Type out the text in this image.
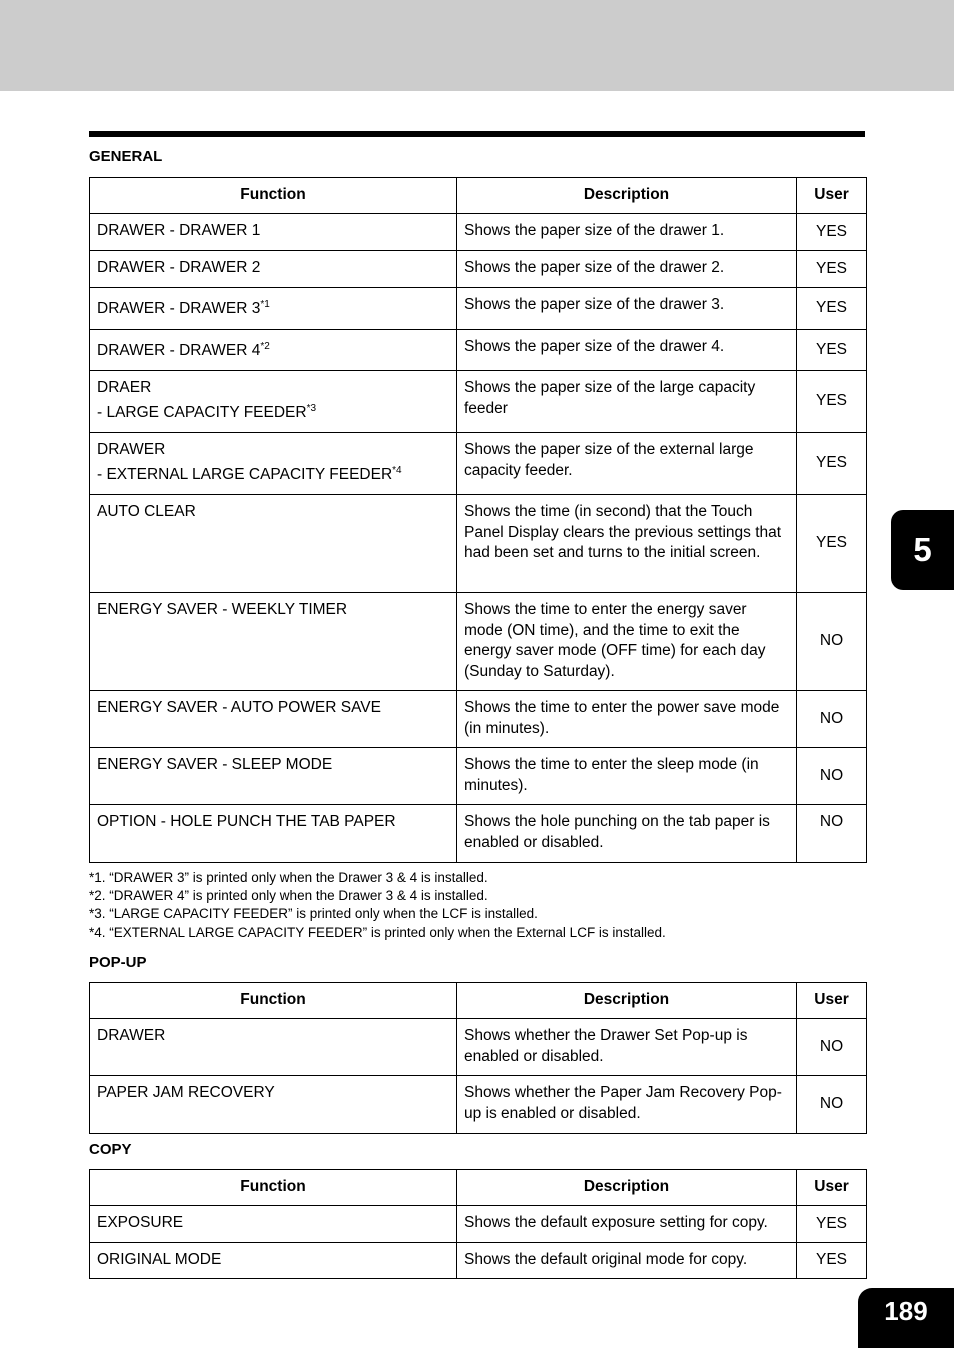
GENERAL
Function	Description	User
DRAWER - DRAWER 1	Shows the paper size of the drawer 1.	YES
DRAWER - DRAWER 2	Shows the paper size of the drawer 2.	YES
DRAWER - DRAWER 3$^{*1}$	Shows the paper size of the drawer 3.	YES
DRAWER - DRAWER 4$^{*2}$	Shows the paper size of the drawer 4.	YES

DRAER
- LARGE CAPACITY FEEDER$^{*3}$	Shows the paper size of the large capacity feeder	YES

DRAWER
- EXTERNAL LARGE CAPACITY FEEDER$^{*4}$	Shows the paper size of the external large capacity feeder.	YES
AUTO CLEAR	Shows the time (in second) that the Touch Panel Display clears the previous settings that had been set and turns to the initial screen.	YES
ENERGY SAVER - WEEKLY TIMER	Shows the time to enter the energy saver mode (ON time), and the time to exit the energy saver mode (OFF time) for each day (Sunday to Saturday).	NO
ENERGY SAVER - AUTO POWER SAVE	Shows the time to enter the power save mode (in minutes).	NO
ENERGY SAVER - SLEEP MODE	Shows the time to enter the sleep mode (in minutes).	NO
OPTION - HOLE PUNCH THE TAB PAPER	Shows the hole punching on the tab paper is enabled or disabled.	NO
*1. “DRAWER 3” is printed only when the Drawer 3 & 4 is installed.
*2. “DRAWER 4” is printed only when the Drawer 3 & 4 is installed.
*3. “LARGE CAPACITY FEEDER” is printed only when the LCF is installed.
*4. “EXTERNAL LARGE CAPACITY FEEDER” is printed only when the External LCF is installed.
POP-UP
Function	Description	User
DRAWER	Shows whether the Drawer Set Pop-up is enabled or disabled.	NO
PAPER JAM RECOVERY	Shows whether the Paper Jam Recovery Pop-up is enabled or disabled.	NO
COPY
Function	Description	User
EXPOSURE	Shows the default exposure setting for copy.	YES
ORIGINAL MODE	Shows the default original mode for copy.	YES
5
189
